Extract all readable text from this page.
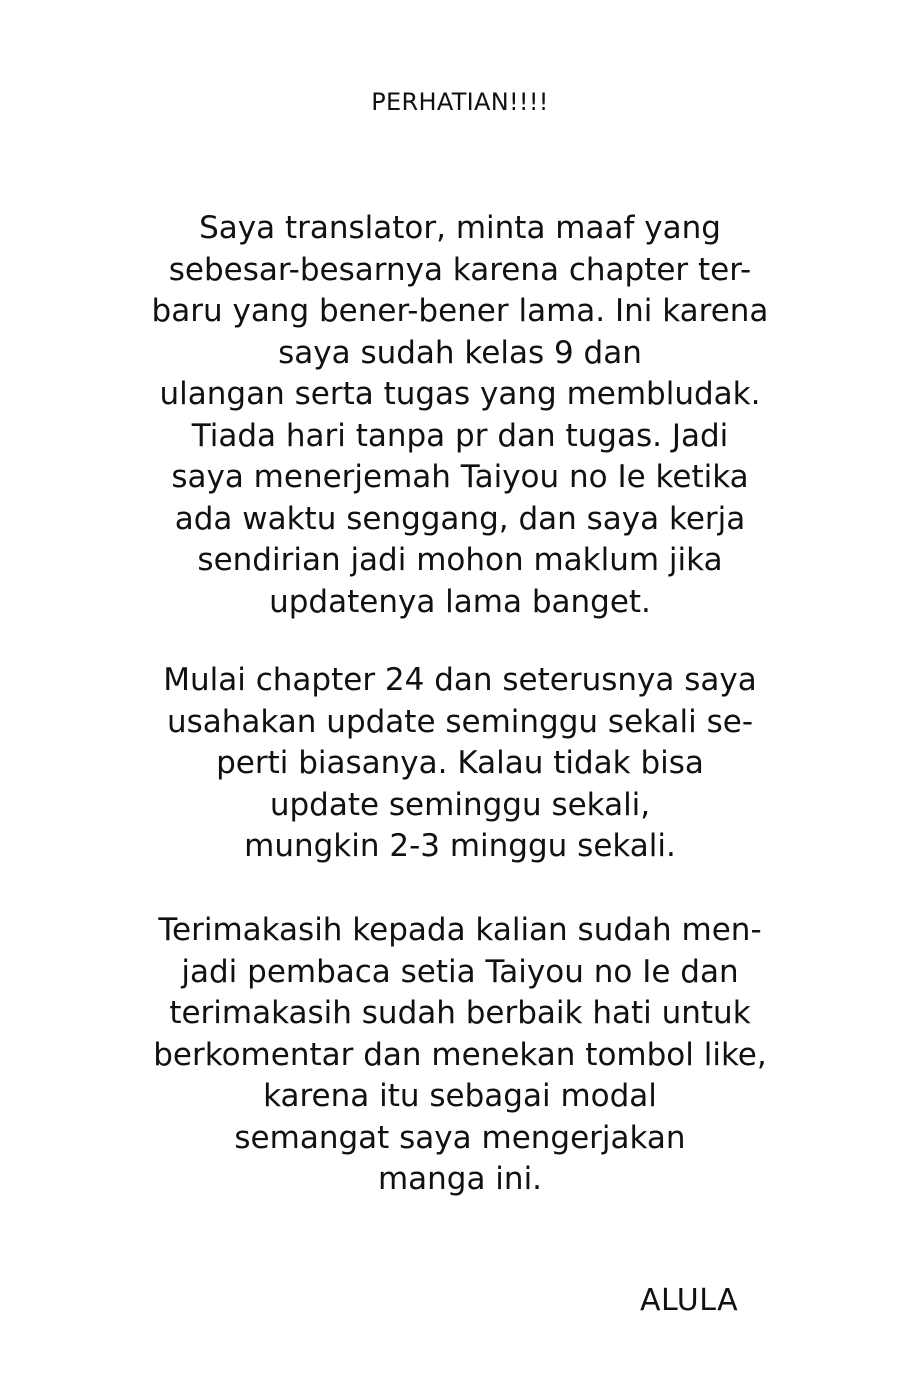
PERHATIAN!!!!
Saya translator, minta maaf yang
sebesar-besarnya karena chapter ter-
baru yang bener-bener lama. Ini karena
saya sudah kelas 9 dan
ulangan serta tugas yang membludak.
Tiada hari tanpa pr dan tugas. Jadi
saya menerjemah Taiyou no Ie ketika
ada waktu senggang, dan saya kerja
sendirian jadi mohon maklum jika
updatenya lama banget.
Mulai chapter 24 dan seterusnya saya
usahakan update seminggu sekali se-
perti biasanya. Kalau tidak bisa
update seminggu sekali,
mungkin 2-3 minggu sekali.
Terimakasih kepada kalian sudah men-
jadi pembaca setia Taiyou no Ie dan
terimakasih sudah berbaik hati untuk
berkomentar dan menekan tombol like,
karena itu sebagai modal
semangat saya mengerjakan
manga ini.
ALULA
